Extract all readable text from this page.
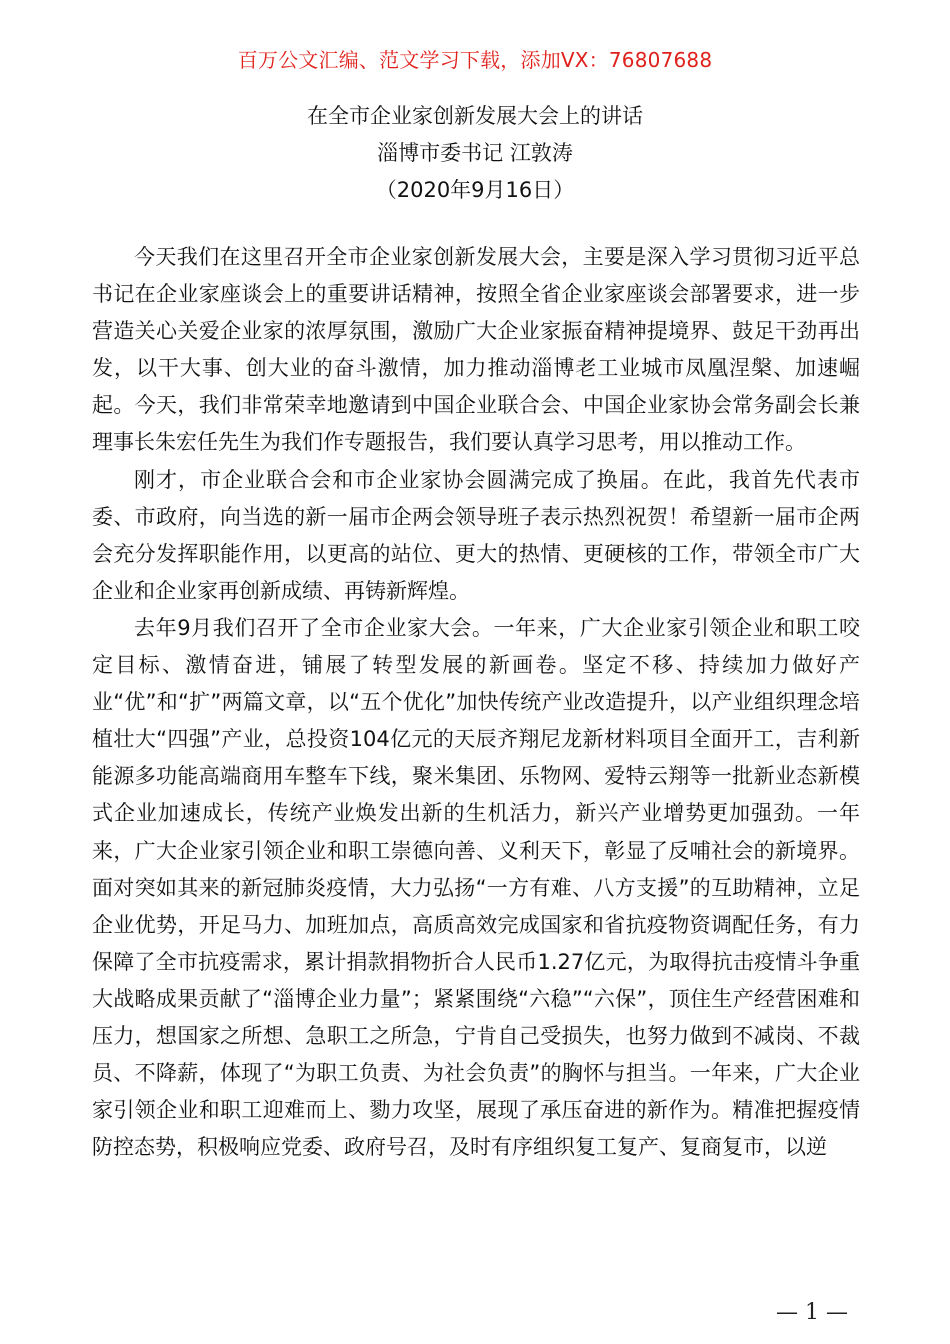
百万公文汇编、范文学习下载，添加VX：76807688
在全市企业家创新发展大会上的讲话
淄博市委书记 江敦涛
（2020年9月16日）

今天我们在这里召开全市企业家创新发展大会，主要是深入学习贯彻习近平总书记在企业家座谈会上的重要讲话精神，按照全省企业家座谈会部署要求，进一步营造关心关爱企业家的浓厚氛围，激励广大企业家振奋精神提境界、鼓足干劲再出发，以干大事、创大业的奋斗激情，加力推动淄博老工业城市凤凰涅槃、加速崛起。今天，我们非常荣幸地邀请到中国企业联合会、中国企业家协会常务副会长兼理事长朱宏任先生为我们作专题报告，我们要认真学习思考，用以推动工作。

刚才，市企业联合会和市企业家协会圆满完成了换届。在此，我首先代表市委、市政府，向当选的新一届市企两会领导班子表示热烈祝贺！希望新一届市企两会充分发挥职能作用，以更高的站位、更大的热情、更硬核的工作，带领全市广大企业和企业家再创新成绩、再铸新辉煌。

去年9月我们召开了全市企业家大会。一年来，广大企业家引领企业和职工咬定目标、激情奋进，铺展了转型发展的新画卷。坚定不移、持续加力做好产业“优”和“扩”两篇文章，以“五个优化”加快传统产业改造提升，以产业组织理念培植壮大“四强”产业，总投资104亿元的天辰齐翔尼龙新材料项目全面开工，吉利新能源多功能高端商用车整车下线，聚米集团、乐物网、爱特云翔等一批新业态新模式企业加速成长，传统产业焕发出新的生机活力，新兴产业增势更加强劲。一年来，广大企业家引领企业和职工崇德向善、义利天下，彰显了反哺社会的新境界。面对突如其来的新冠肺炎疫情，大力弘扬“一方有难、八方支援”的互助精神，立足企业优势，开足马力、加班加点，高质高效完成国家和省抗疫物资调配任务，有力保障了全市抗疫需求，累计捐款捐物折合人民币1.27亿元，为取得抗击疫情斗争重大战略成果贡献了“淄博企业力量”；紧紧围绕“六稳”“六保”，顶住生产经营困难和压力，想国家之所想、急职工之所急，宁肯自己受损失，也努力做到不减岗、不裁员、不降薪，体现了“为职工负责、为社会负责”的胸怀与担当。一年来，广大企业家引领企业和职工迎难而上、勠力攻坚，展现了承压奋进的新作为。精准把握疫情防控态势，积极响应党委、政府号召，及时有序组织复工复产、复商复市，以逆

— 1 —
